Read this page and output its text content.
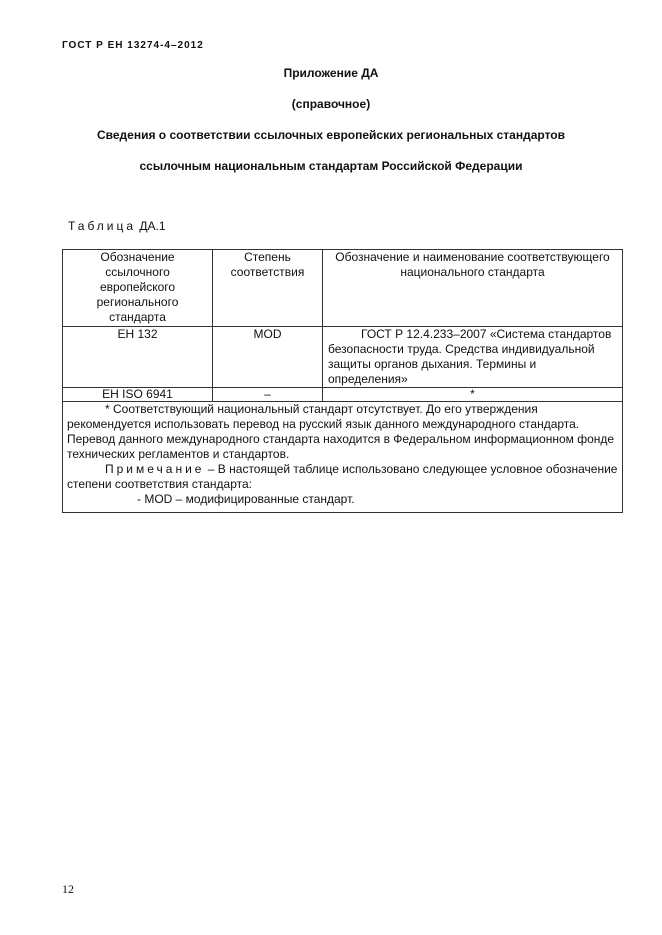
ГОСТ Р ЕН 13274-4–2012
Приложение ДА
(справочное)
Сведения о соответствии ссылочных европейских региональных стандартов
ссылочным национальным стандартам Российской Федерации
Таблица ДА.1
Обозначение ссылочного европейского регионального стандарта	Степень соответствия	Обозначение и наименование соответствующего национального стандарта
ЕН 132	MOD	ГОСТ Р 12.4.233–2007 «Система стандартов безопасности труда. Средства индивидуальной    защиты органов дыхания. Термины и определения»
EH ISO 6941	–	*

* Соответствующий национальный стандарт отсутствует. До его утверждения рекомендуется использовать перевод на русский язык данного международного стандарта. Перевод данного международного стандарта находится в Федеральном информационном фонде технических регламентов и стандартов.

Примечание – В настоящей таблице использовано следующее условное обозначение степени соответствия стандарта:

- MOD – модифицированные стандарт.		

12
